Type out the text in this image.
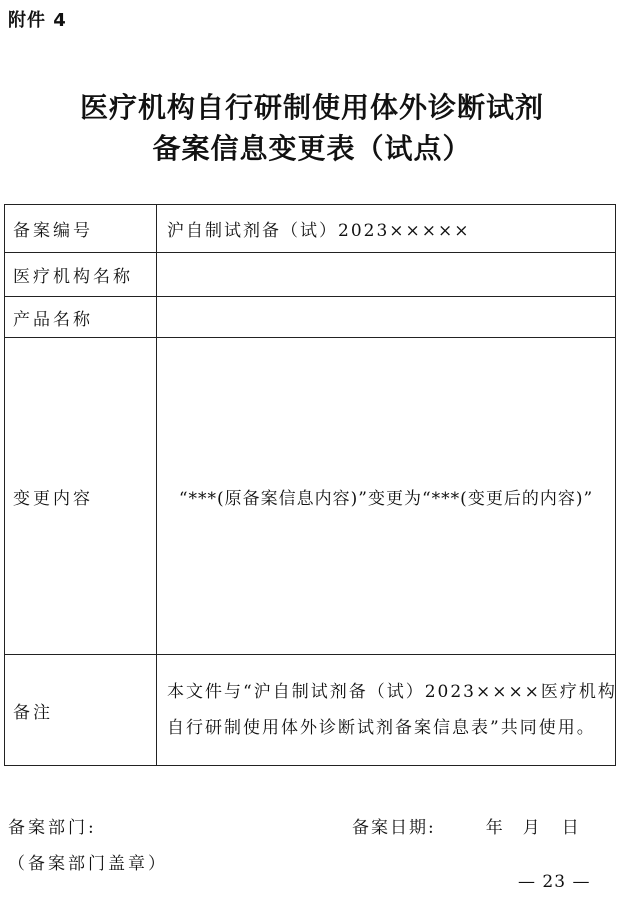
附件 4
医疗机构自行研制使用体外诊断试剂
备案信息变更表（试点）
备案编号	沪自制试剂备（试）2023×××××
医疗机构名称	
产品名称	
变更内容	“***(原备案信息内容)”变更为“***(变更后的内容)”
备注	本文件与“沪自制试剂备（试）2023××××医疗机构
自行研制使用体外诊断试剂备案信息表”共同使用。
备案部门:	备案日期:	年 月 日
（备案部门盖章）
— 23 —
